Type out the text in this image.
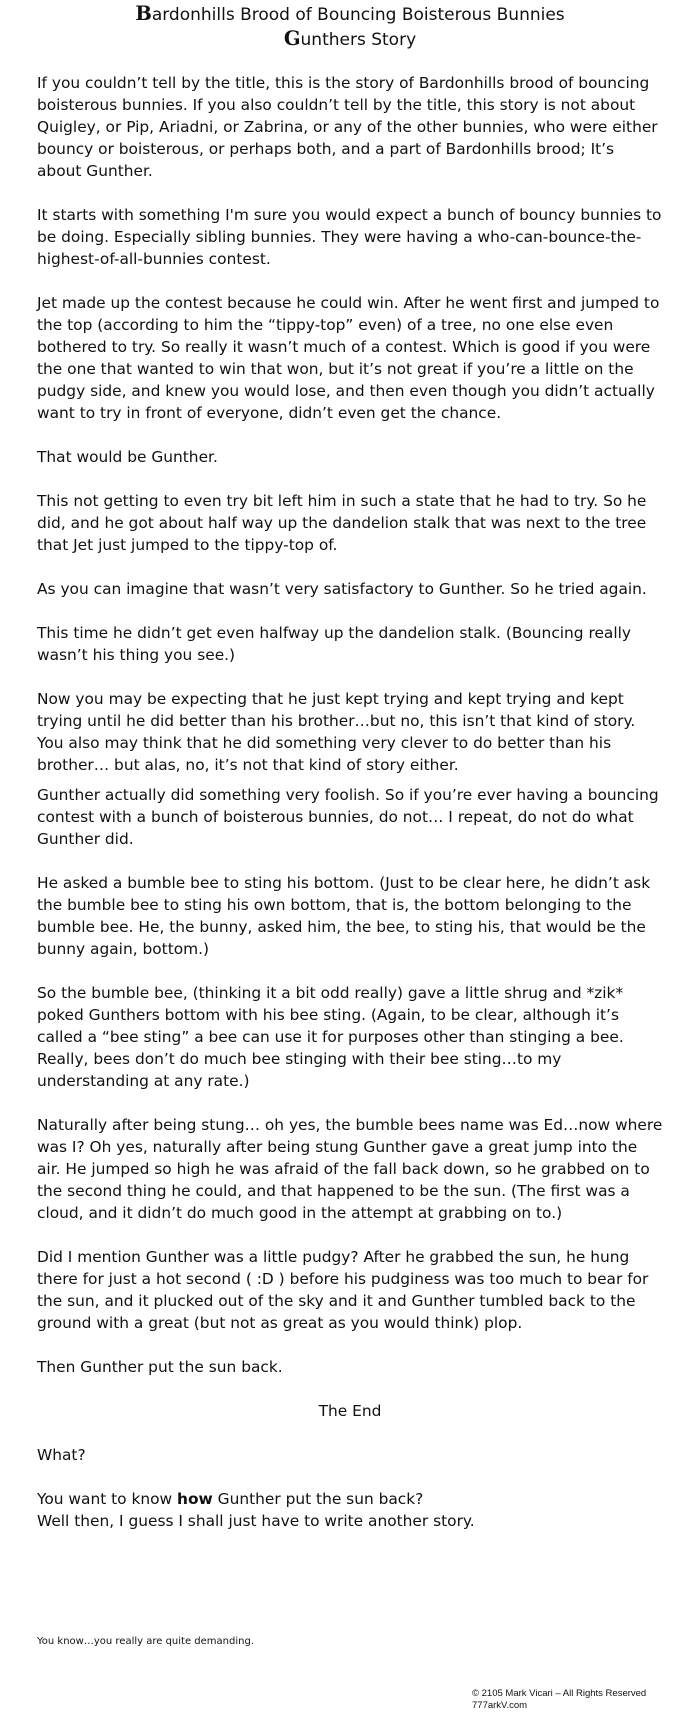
Bardonhills Brood of Bouncing Boisterous Bunnies

Gunthers Story

If you couldn’t tell by the title, this is the story of Bardonhills brood of bouncing boisterous bunnies. If you also couldn’t tell by the title, this story is not about Quigley, or Pip, Ariadni, or Zabrina, or any of the other bunnies, who were either bouncy or boisterous, or perhaps both, and a part of Bardonhills brood; It’s about Gunther.

It starts with something I'm sure you would expect a bunch of bouncy bunnies to be doing. Especially sibling bunnies. They were having a who-can-bounce-the-highest-of-all-bunnies contest.

Jet made up the contest because he could win. After he went first and jumped to the top (according to him the “tippy-top” even) of a tree, no one else even bothered to try. So really it wasn’t much of a contest. Which is good if you were the one that wanted to win that won, but it’s not great if you’re a little on the pudgy side, and knew you would lose, and then even though you didn’t actually want to try in front of everyone, didn’t even get the chance.

That would be Gunther.

This not getting to even try bit left him in such a state that he had to try. So he did, and he got about half way up the dandelion stalk that was next to the tree that Jet just jumped to the tippy-top of.

As you can imagine that wasn’t very satisfactory to Gunther. So he tried again.

This time he didn’t get even halfway up the dandelion stalk. (Bouncing really wasn’t his thing you see.)

Now you may be expecting that he just kept trying and kept trying and kept trying until he did better than his brother…but no, this isn’t that kind of story. You also may think that he did something very clever to do better than his brother… but alas, no, it’s not that kind of story either.

Gunther actually did something very foolish. So if you’re ever having a bouncing contest with a bunch of boisterous bunnies, do not… I repeat, do not do what Gunther did.

He asked a bumble bee to sting his bottom. (Just to be clear here, he didn’t ask the bumble bee to sting his own bottom, that is, the bottom belonging to the bumble bee. He, the bunny, asked him, the bee, to sting his, that would be the bunny again, bottom.)

So the bumble bee, (thinking it a bit odd really) gave a little shrug and *zik* poked Gunthers bottom with his bee sting. (Again, to be clear, although it’s called a “bee sting” a bee can use it for purposes other than stinging a bee. Really, bees don’t do much bee stinging with their bee sting…to my understanding at any rate.)

Naturally after being stung… oh yes, the bumble bees name was Ed…now where was I? Oh yes, naturally after being stung Gunther gave a great jump into the air. He jumped so high he was afraid of the fall back down, so he grabbed on to the second thing he could, and that happened to be the sun. (The first was a cloud, and it didn’t do much good in the attempt at grabbing on to.)

Did I mention Gunther was a little pudgy? After he grabbed the sun, he hung there for just a hot second ( :D ) before his pudginess was too much to bear for the sun, and it plucked out of the sky and it and Gunther tumbled back to the ground with a great (but not as great as you would think) plop.

Then Gunther put the sun back.

The End

What?

You want to know how Gunther put the sun back?

Well then, I guess I shall just have to write another story.

You know…you really are quite demanding.
© 2105 Mark Vicari – All Rights Reserved
777arkV.com
